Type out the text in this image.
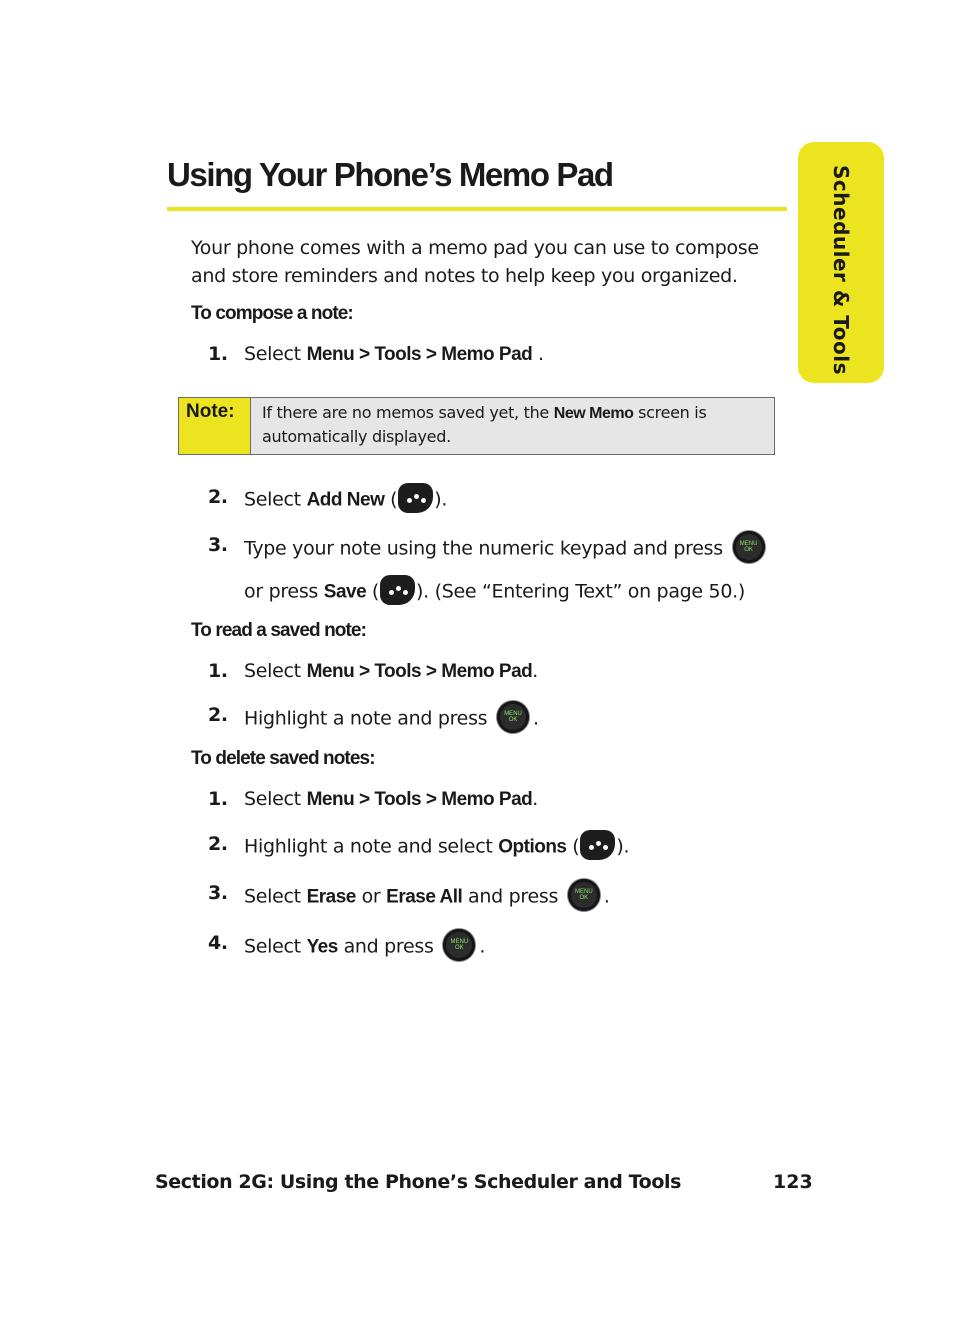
Using Your Phone’s Memo Pad	Scheduler & Tools

Your phone comes with a memo pad you can use to compose and store reminders and notes to help keep you organized.

To compose a note:
1. Select Menu > Tools > Memo Pad .
Note:	If there are no memos saved yet, the New Memo screen is automatically displayed.
2. Select Add New ( ).
3. Type your note using the numeric keypad and press	MENU
OK
or press Save ( ). (See “Entering Text” on page 50.)
To read a saved note:
1. Select Menu > Tools > Memo Pad.
2. Highlight a note and press	MENU
OK .
To delete saved notes:
1. Select Menu > Tools > Memo Pad.
2. Highlight a note and select Options ( ).
3. Select Erase or Erase All and press	MENU
OK .
4. Select Yes and press	MENU
OK .

Section 2G: Using the Phone’s Scheduler and Tools	123
